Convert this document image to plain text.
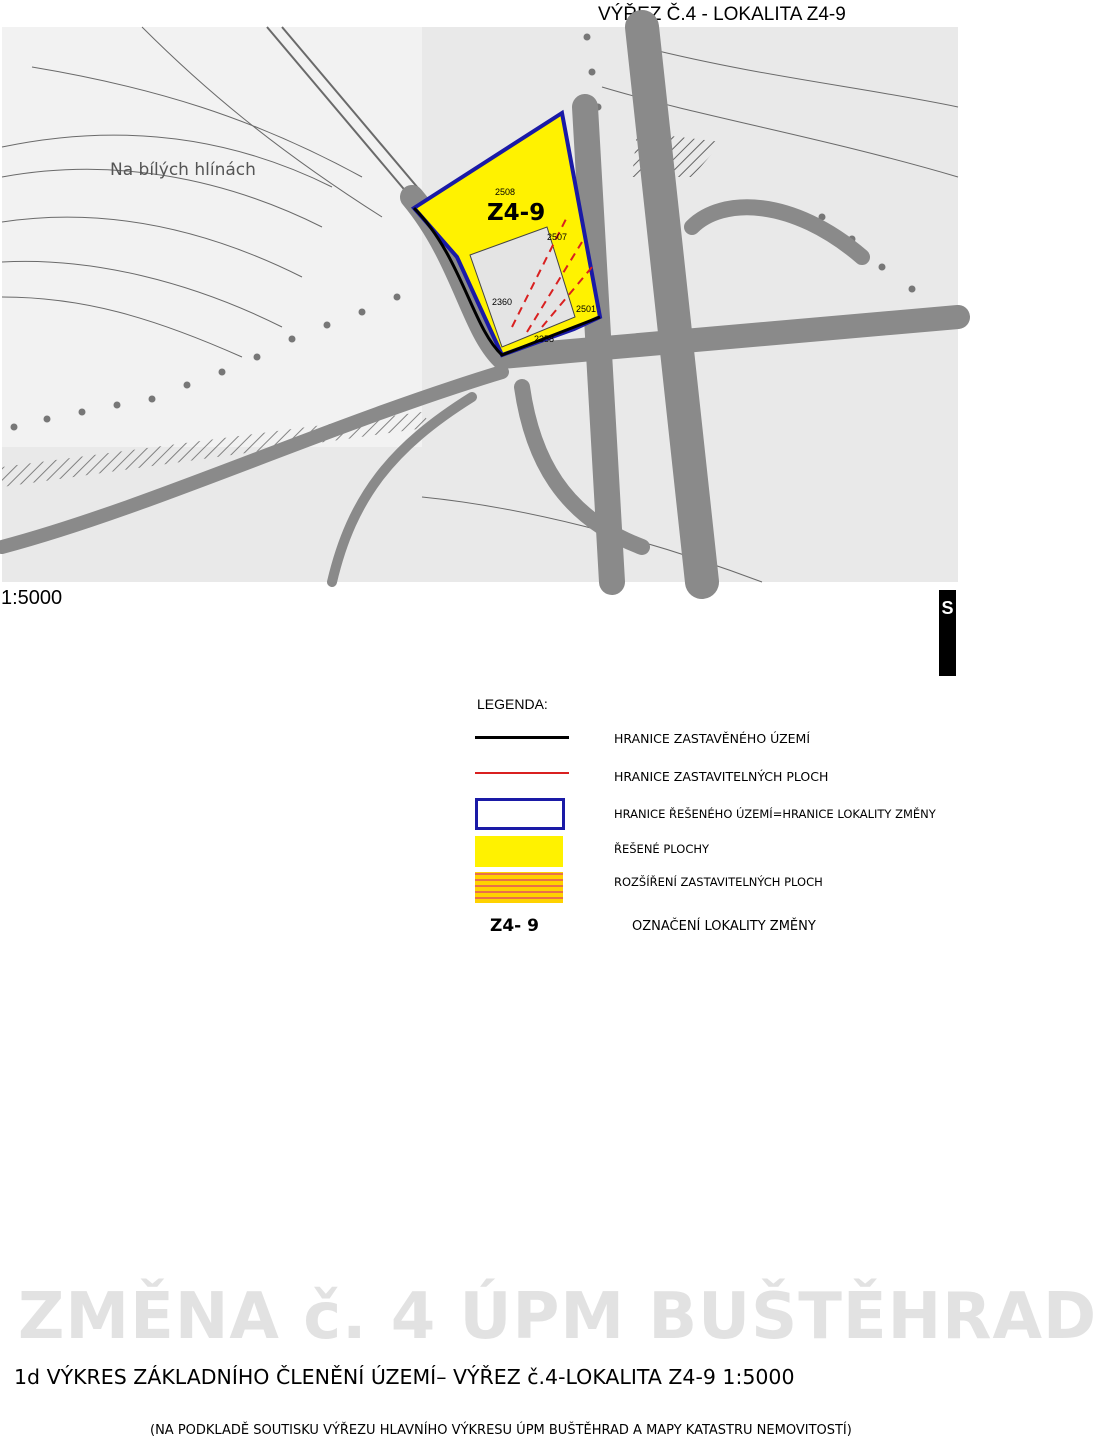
VÝŘEZ Č.4 - LOKALITA Z4-9
Na bílých hlínách
Z4-9
2508
2507
2360
2501
2358
1:5000	S
LEGENDA:
Z4- 9
HRANICE ZASTAVĚNÉHO ÚZEMÍ
HRANICE ZASTAVITELNÝCH PLOCH
HRANICE ŘEŠENÉHO ÚZEMÍ=HRANICE LOKALITY ZMĚNY
ŘEŠENÉ PLOCHY
ROZŠÍŘENÍ ZASTAVITELNÝCH PLOCH
OZNAČENÍ LOKALITY ZMĚNY
ZMĚNA č. 4 ÚPM BUŠTĚHRAD
1d VÝKRES ZÁKLADNÍHO ČLENĚNÍ ÚZEMÍ– VÝŘEZ č.4-LOKALITA Z4-9 1:5000
(NA PODKLADĚ SOUTISKU VÝŘEZU HLAVNÍHO VÝKRESU ÚPM BUŠTĚHRAD A MAPY KATASTRU NEMOVITOSTÍ)
